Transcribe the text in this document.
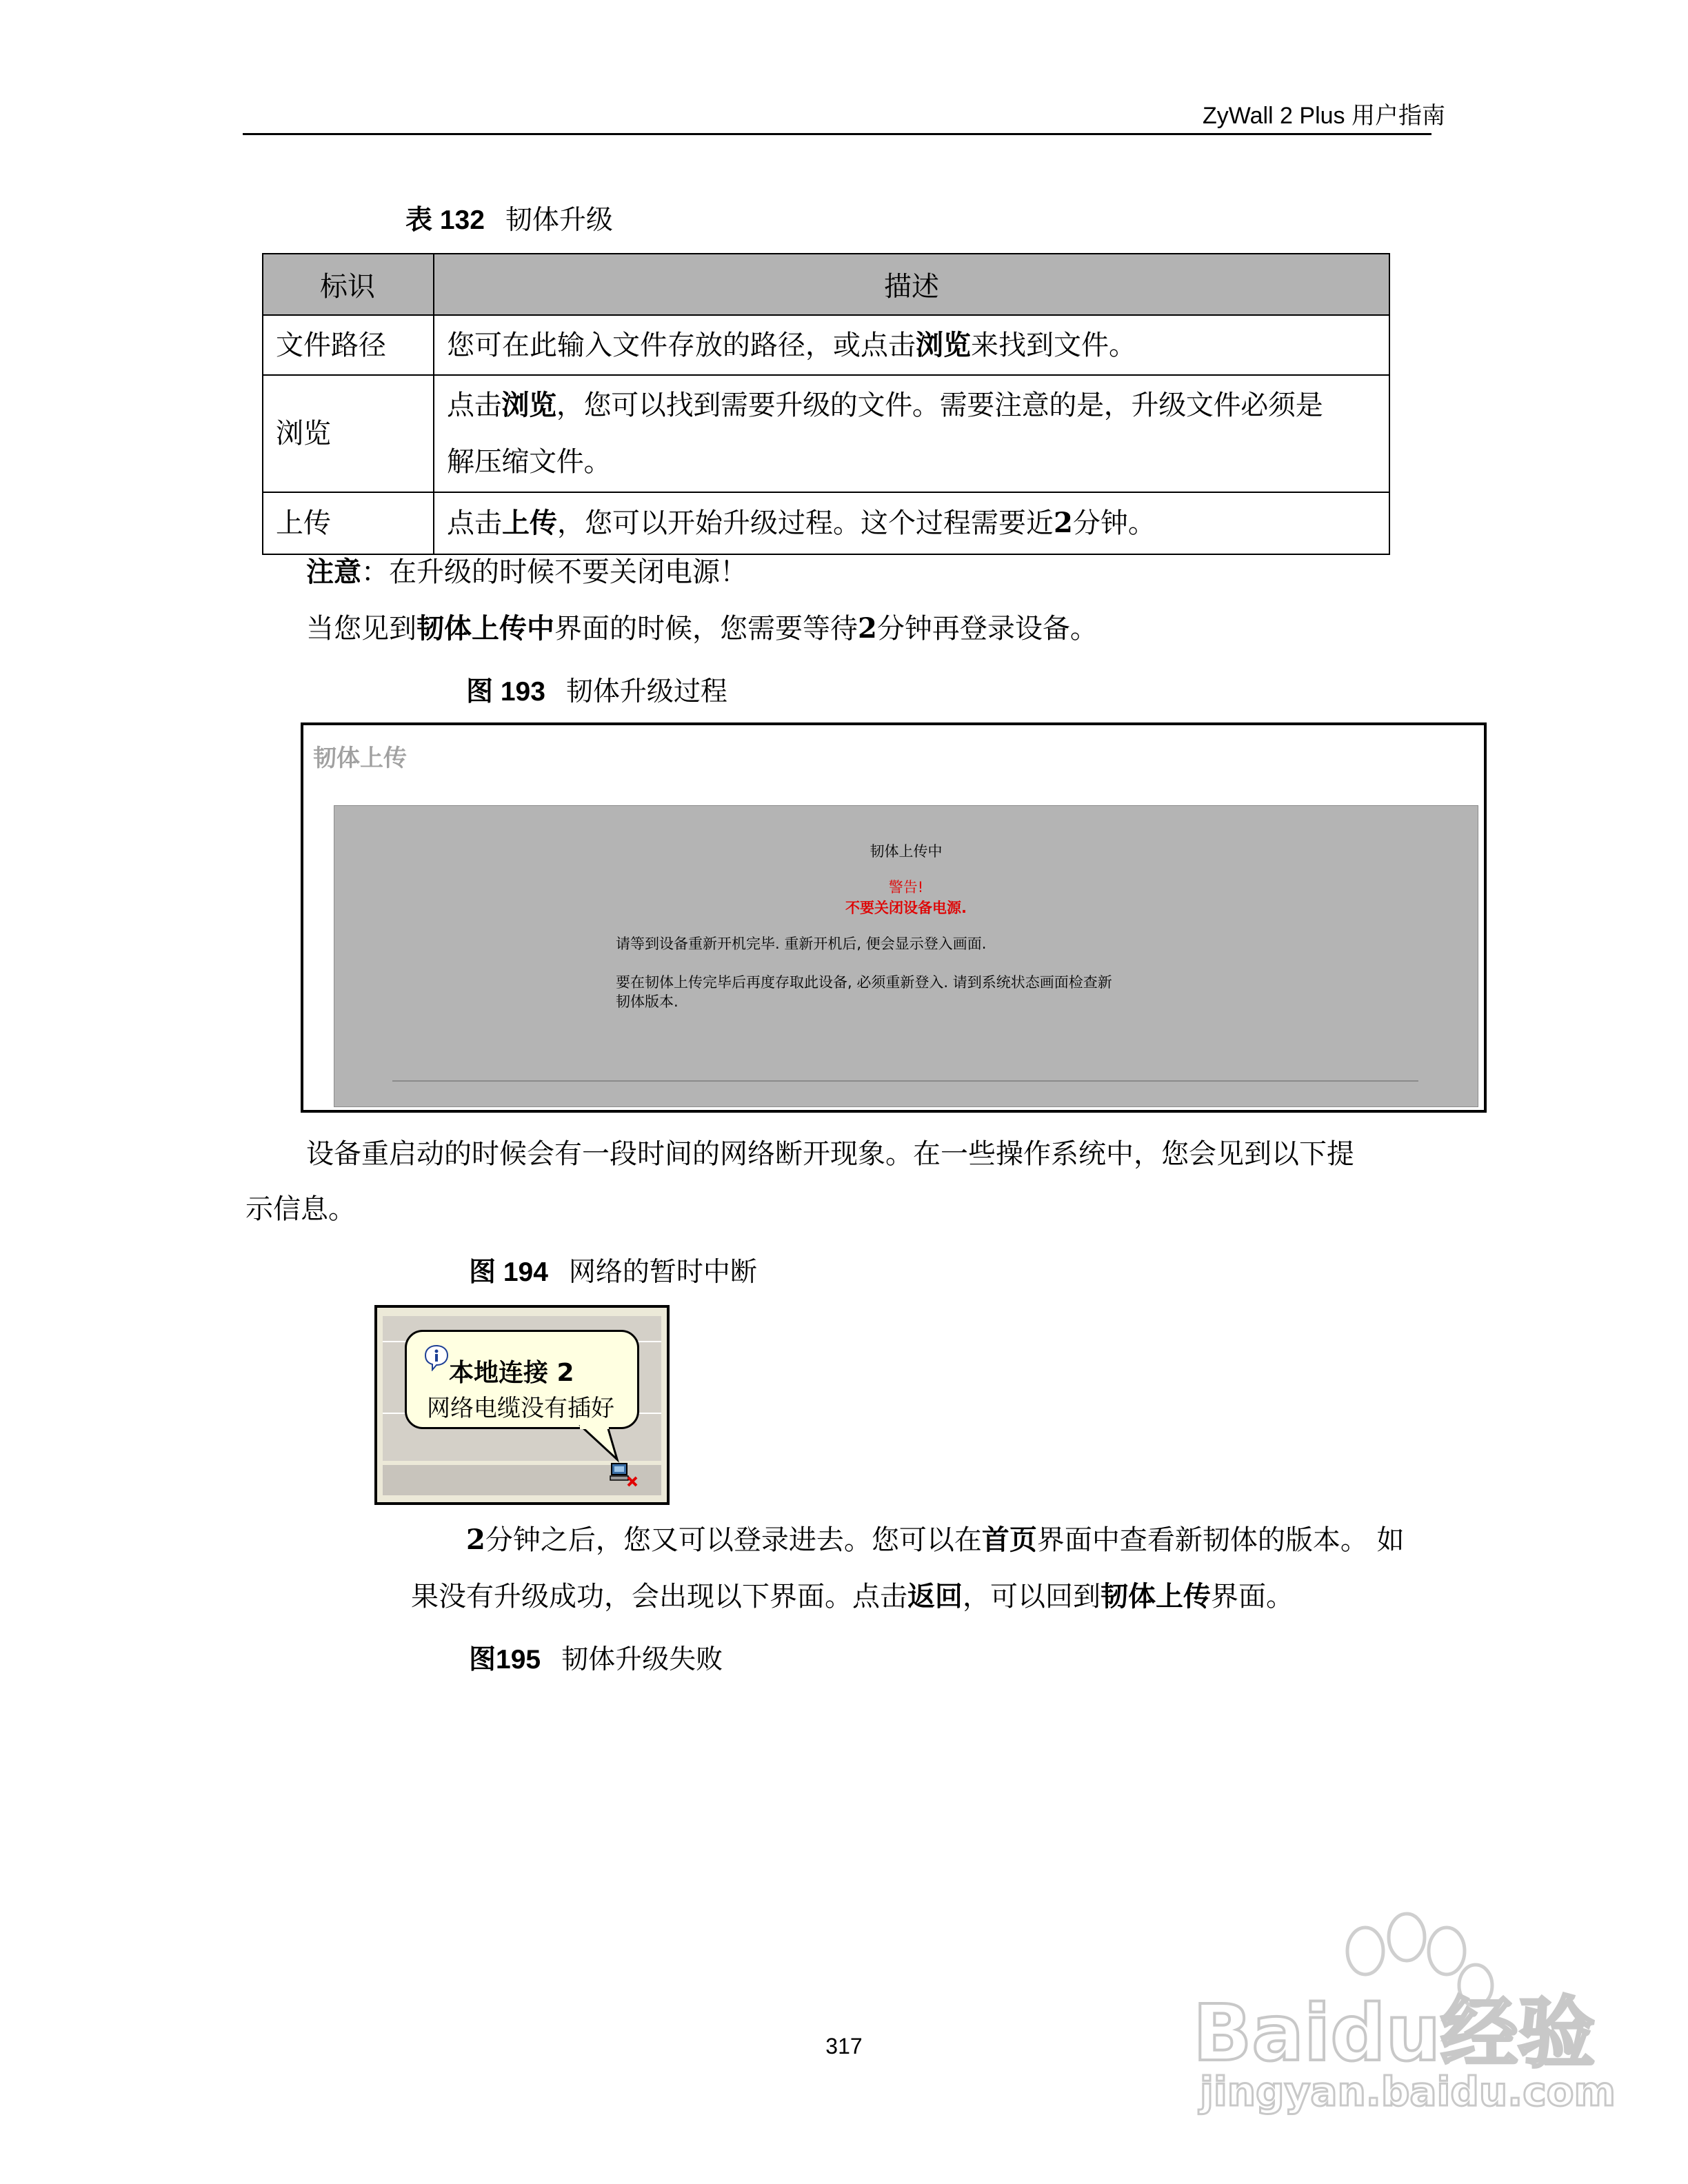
ZyWall 2 Plus 用户指南
表 132 韧体升级
标识	描述
文件路径	您可在此输入文件存放的路径，或点击浏览来找到文件。
浏览	点击浏览，您可以找到需要升级的文件。需要注意的是，升级文件必须是
解压缩文件。
上传	点击上传，您可以开始升级过程。这个过程需要近2分钟。
注意：在升级的时候不要关闭电源！
当您见到韧体上传中界面的时候，您需要等待2分钟再登录设备。
图 193 韧体升级过程
韧体上传
韧体上传中
警告!
不要关闭设备电源.
请等到设备重新开机完毕. 重新开机后, 便会显示登入画面.
要在韧体上传完毕后再度存取此设备, 必须重新登入. 请到系统状态画面检查新
韧体版本.
设备重启动的时候会有一段时间的网络断开现象。在一些操作系统中，您会见到以下提
示信息。
图 194 网络的暂时中断
本地连接 2
网络电缆没有插好
2分钟之后，您又可以登录进去。您可以在首页界面中查看新韧体的版本。 如
果没有升级成功，会出现以下界面。点击返回，可以回到韧体上传界面。
图195 韧体升级失败
317	Baidu经验
jingyan.baidu.com
